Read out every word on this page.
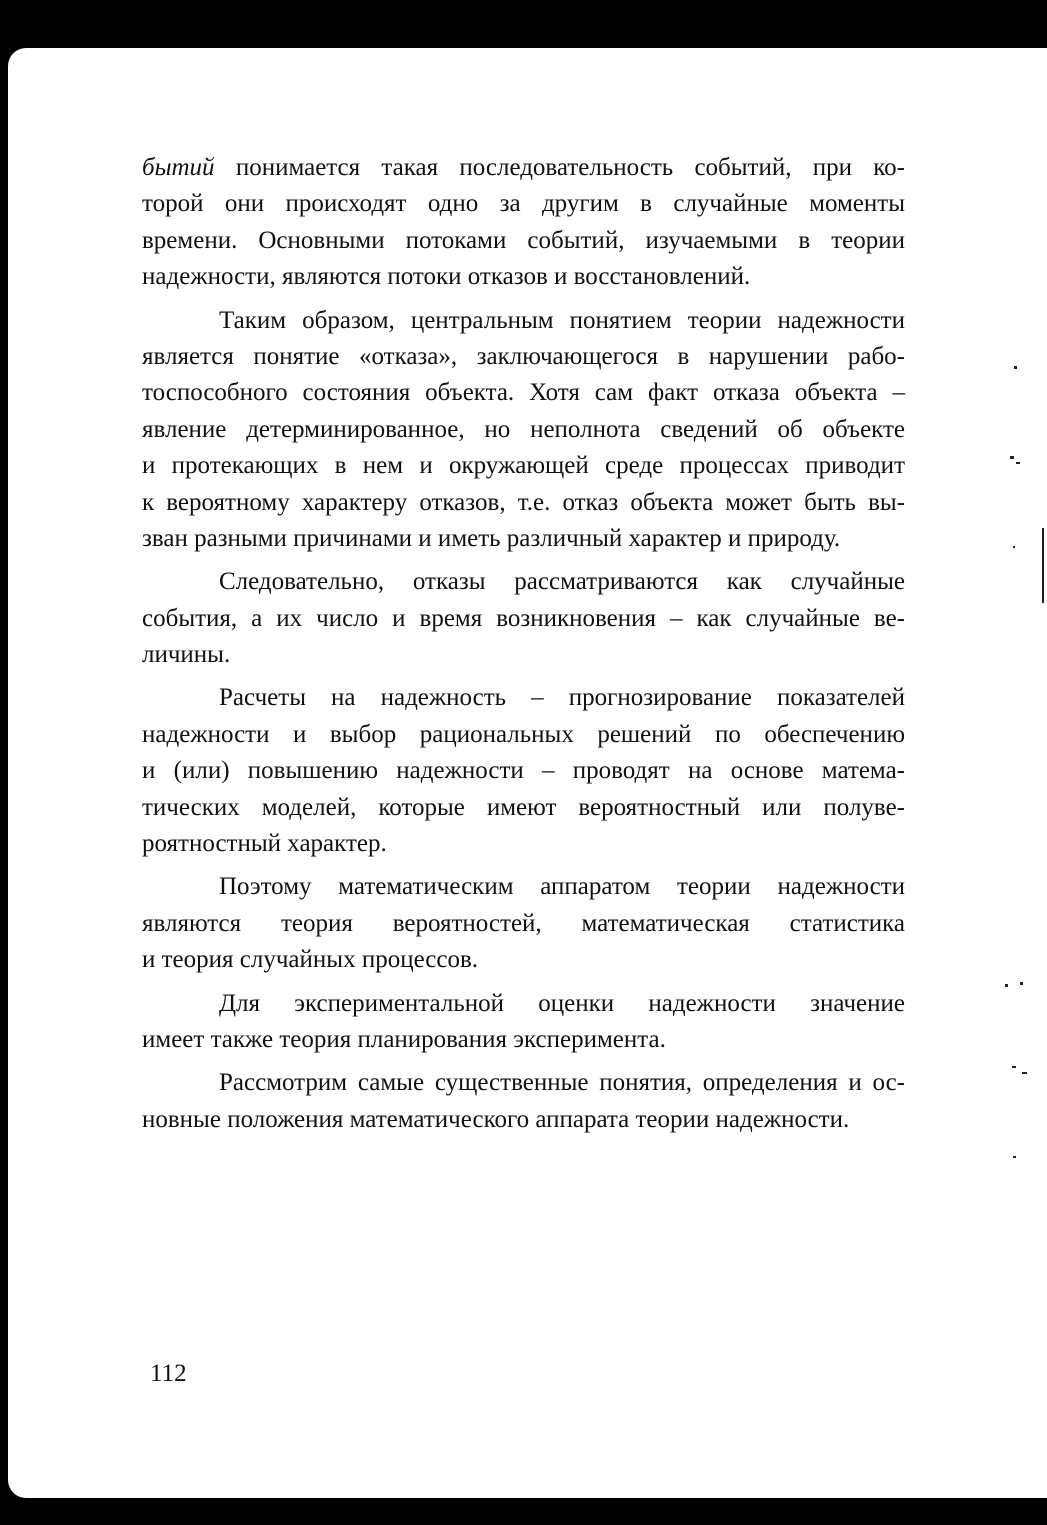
бытий понимается такая последовательность событий, при ко-
торой они происходят одно за другим в случайные моменты
времени. Основными потоками событий, изучаемыми в теории
надежности, являются потоки отказов и восстановлений.

Таким образом, центральным понятием теории надежности
является понятие «отказа», заключающегося в нарушении рабо-
тоспособного состояния объекта. Хотя сам факт отказа объекта –
явление детерминированное, но неполнота сведений об объекте
и протекающих в нем и окружающей среде процессах приводит
к вероятному характеру отказов, т.е. отказ объекта может быть вы-
зван разными причинами и иметь различный характер и природу.

Следовательно, отказы рассматриваются как случайные
события, а их число и время возникновения – как случайные ве-
личины.

Расчеты на надежность – прогнозирование показателей
надежности и выбор рациональных решений по обеспечению
и (или) повышению надежности – проводят на основе матема-
тических моделей, которые имеют вероятностный или полуве-
роятностный характер.

Поэтому математическим аппаратом теории надежности
являются теория вероятностей, математическая статистика
и теория случайных процессов.

Для экспериментальной оценки надежности значение
имеет также теория планирования эксперимента.

Рассмотрим самые существенные понятия, определения и ос-
новные положения математического аппарата теории надежности.

112
